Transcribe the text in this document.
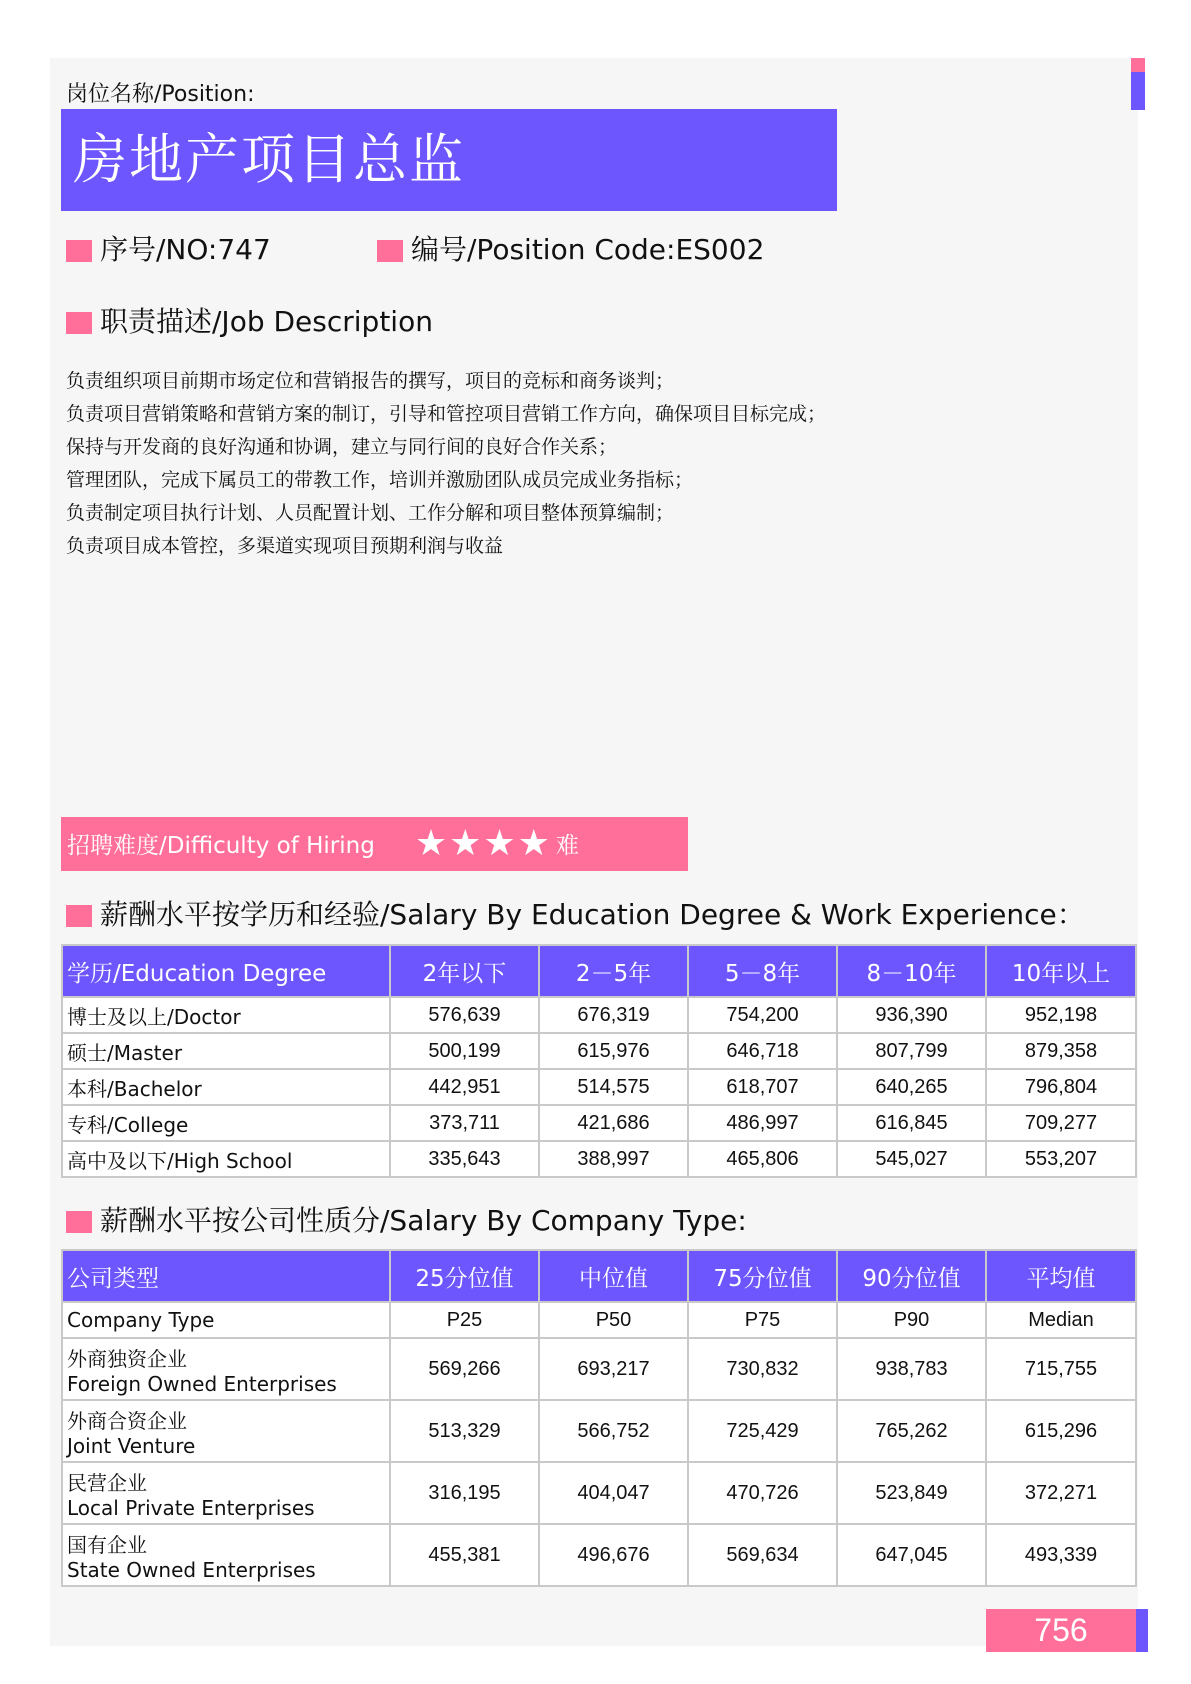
岗位名称/Position:
房地产项目总监
序号/NO:747	编号/Position Code:ES002
职责描述/Job Description
负责组织项目前期市场定位和营销报告的撰写，项目的竞标和商务谈判；
负责项目营销策略和营销方案的制订，引导和管控项目营销工作方向，确保项目目标完成；
保持与开发商的良好沟通和协调，建立与同行间的良好合作关系；
管理团队，完成下属员工的带教工作，培训并激励团队成员完成业务指标；
负责制定项目执行计划、人员配置计划、工作分解和项目整体预算编制；
负责项目成本管控，多渠道实现项目预期利润与收益
招聘难度/Difficulty of Hiring ★★★★ 难
薪酬水平按学历和经验/Salary By Education Degree & Work Experience：
学历/Education Degree	2年以下	2－5年	5－8年	8－10年	10年以上
博士及以上/Doctor	576,639	676,319	754,200	936,390	952,198
硕士/Master	500,199	615,976	646,718	807,799	879,358
本科/Bachelor	442,951	514,575	618,707	640,265	796,804
专科/College	373,711	421,686	486,997	616,845	709,277
高中及以下/High School	335,643	388,997	465,806	545,027	553,207
薪酬水平按公司性质分/Salary By Company Type:
公司类型	25分位值	中位值	75分位值	90分位值	平均值
Company Type	P25	P50	P75	P90	Median

外商独资企业
Foreign Owned Enterprises	569,266	693,217	730,832	938,783	715,755

外商合资企业
Joint Venture	513,329	566,752	725,429	765,262	615,296

民营企业
Local Private Enterprises	316,195	404,047	470,726	523,849	372,271

国有企业
State Owned Enterprises	455,381	496,676	569,634	647,045	493,339
756
